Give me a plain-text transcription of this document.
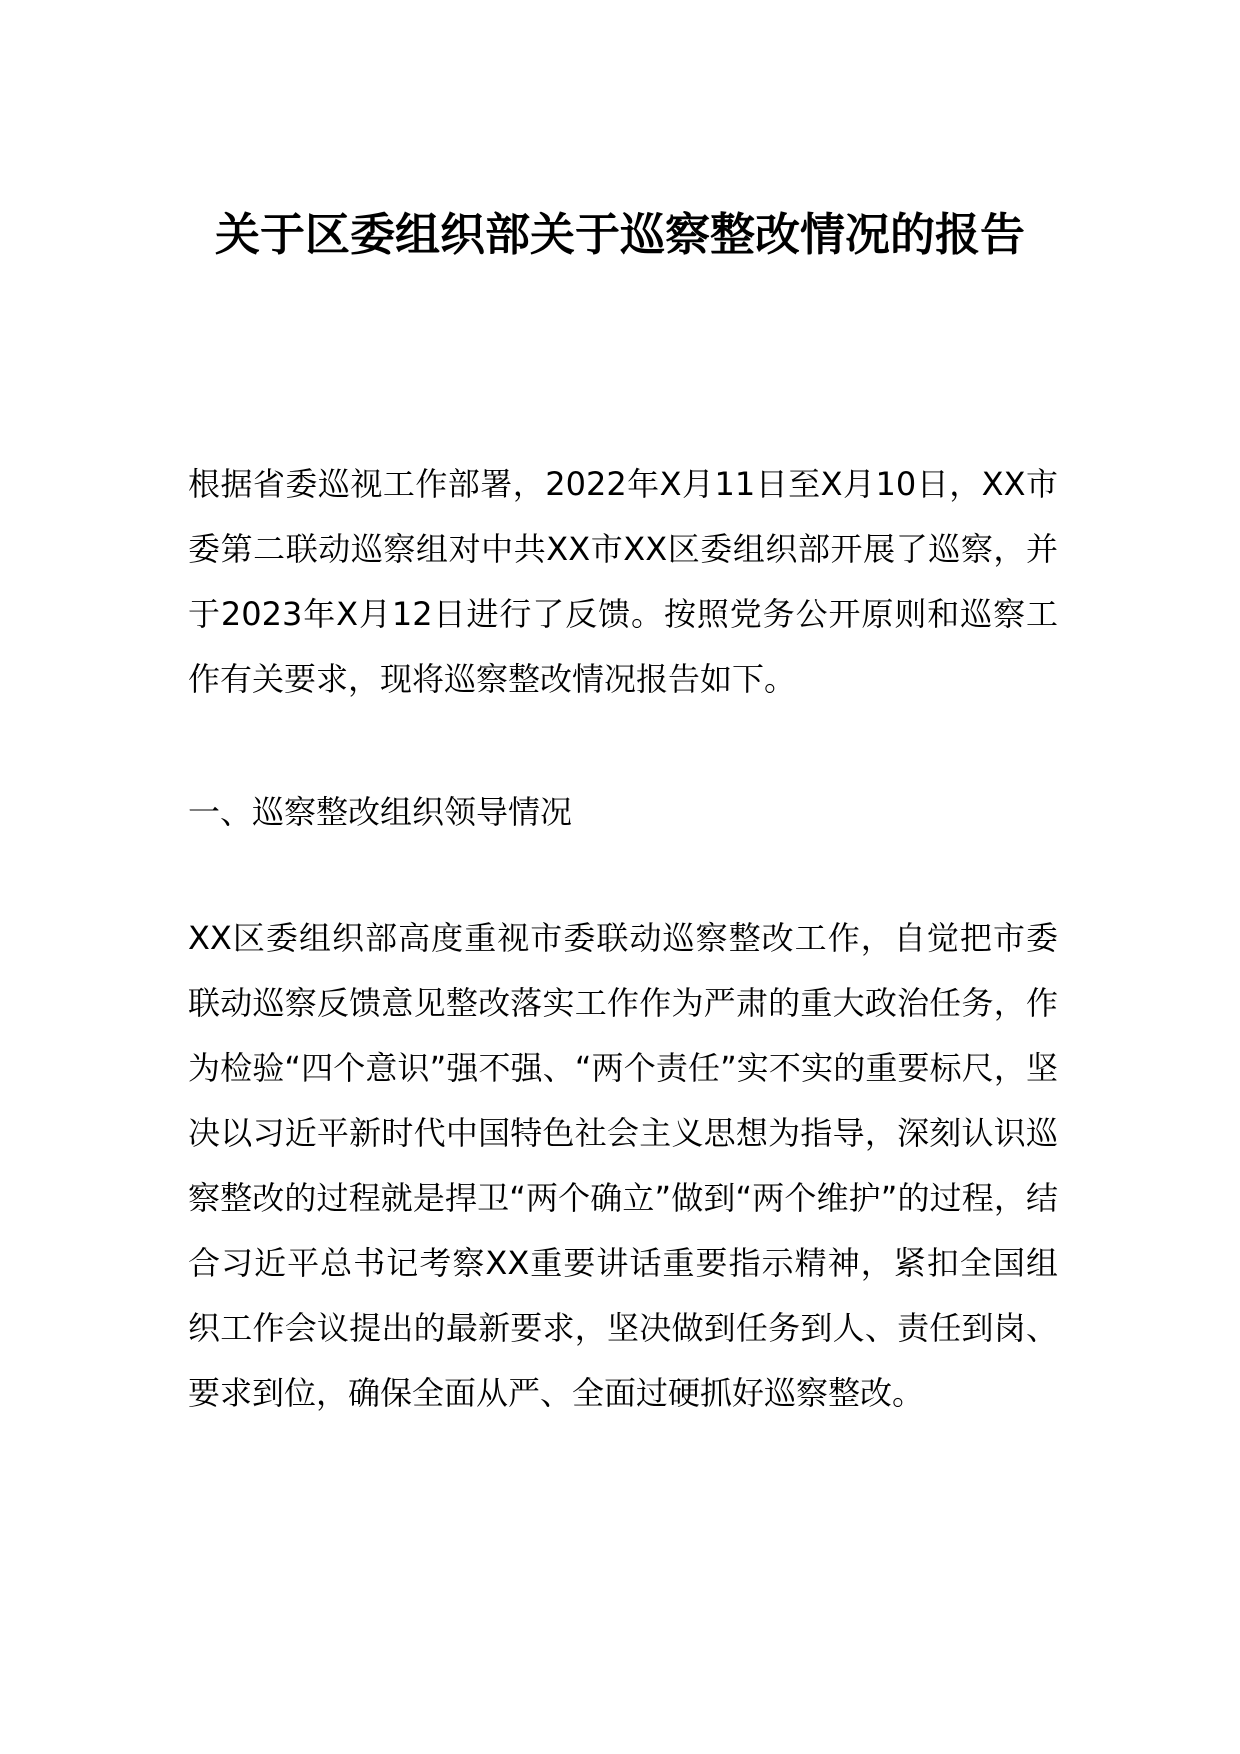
关于区委组织部关于巡察整改情况的报告

根据省委巡视工作部署，2022年X月11日至X月10日，XX市委第二联动巡察组对中共XX市XX区委组织部开展了巡察，并于2023年X月12日进行了反馈。按照党务公开原则和巡察工作有关要求，现将巡察整改情况报告如下。

一、巡察整改组织领导情况

XX区委组织部高度重视市委联动巡察整改工作，自觉把市委联动巡察反馈意见整改落实工作作为严肃的重大政治任务，作为检验“四个意识”强不强、“两个责任”实不实的重要标尺，坚决以习近平新时代中国特色社会主义思想为指导，深刻认识巡察整改的过程就是捍卫“两个确立”做到“两个维护”的过程，结合习近平总书记考察XX重要讲话重要指示精神，紧扣全国组织工作会议提出的最新要求，坚决做到任务到人、责任到岗、要求到位，确保全面从严、全面过硬抓好巡察整改。
